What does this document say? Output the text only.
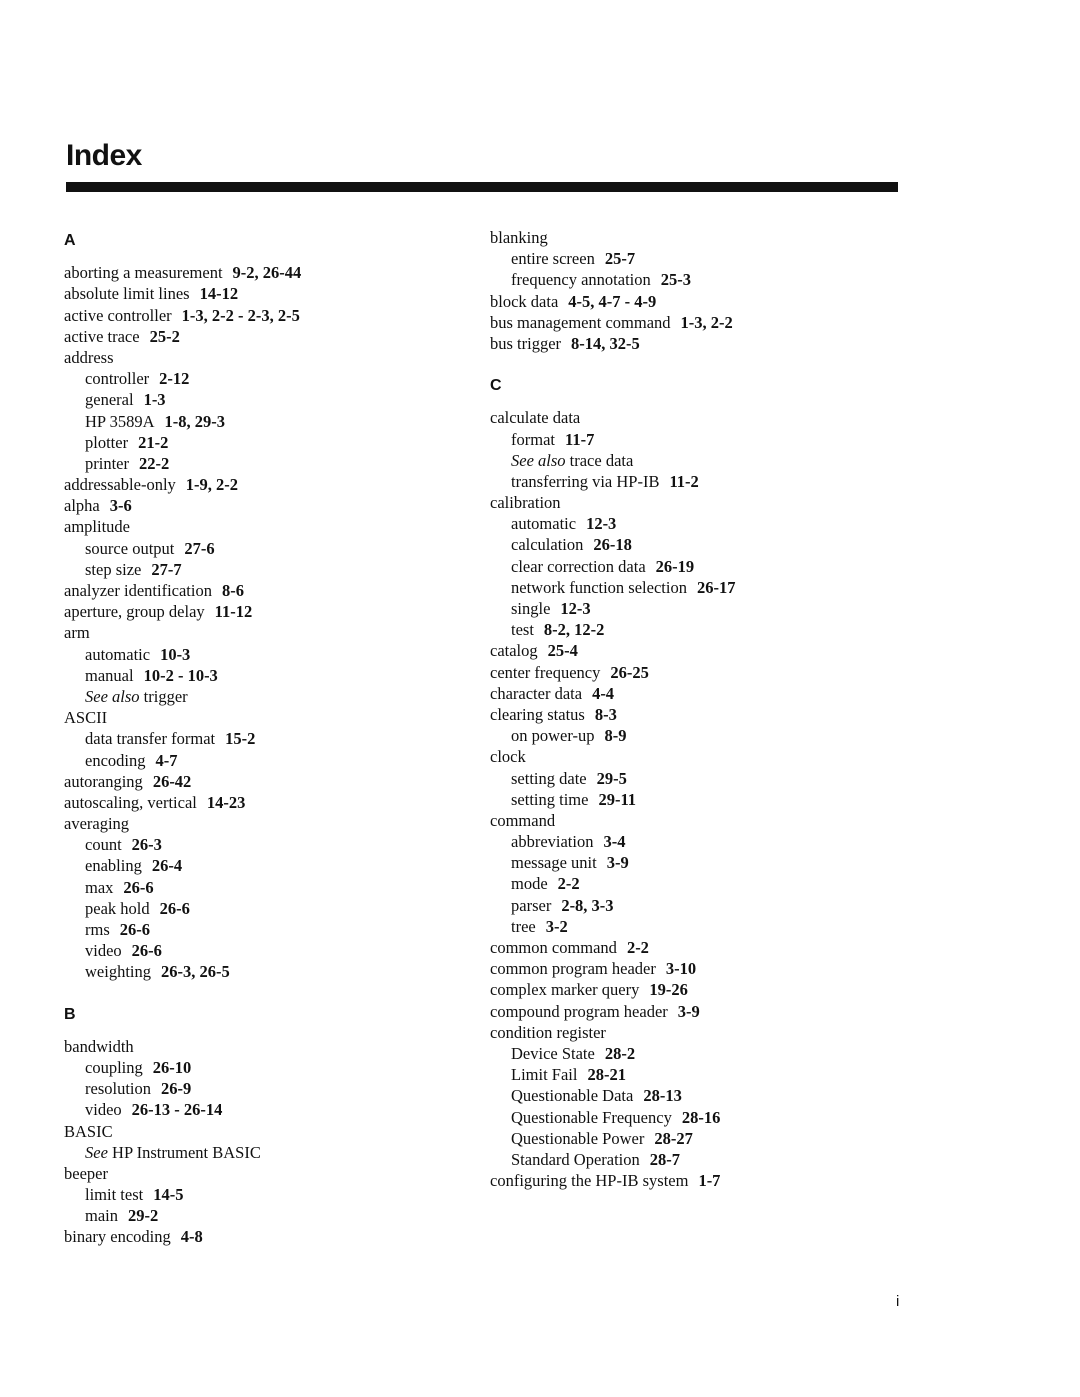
Index
A
aborting a measurement 9-2, 26-44
absolute limit lines 14-12
active controller 1-3, 2-2 - 2-3, 2-5
active trace 25-2
address
controller 2-12
general 1-3
HP 3589A 1-8, 29-3
plotter 21-2
printer 22-2
addressable-only 1-9, 2-2
alpha 3-6
amplitude
source output 27-6
step size 27-7
analyzer identification 8-6
aperture, group delay 11-12
arm
automatic 10-3
manual 10-2 - 10-3
See also trigger
ASCII
data transfer format 15-2
encoding 4-7
autoranging 26-42
autoscaling, vertical 14-23
averaging
count 26-3
enabling 26-4
max 26-6
peak hold 26-6
rms 26-6
video 26-6
weighting 26-3, 26-5
B
bandwidth
coupling 26-10
resolution 26-9
video 26-13 - 26-14
BASIC
See HP Instrument BASIC
beeper
limit test 14-5
main 29-2
binary encoding 4-8
blanking
entire screen 25-7
frequency annotation 25-3
block data 4-5, 4-7 - 4-9
bus management command 1-3, 2-2
bus trigger 8-14, 32-5
C
calculate data
format 11-7
See also trace data
transferring via HP-IB 11-2
calibration
automatic 12-3
calculation 26-18
clear correction data 26-19
network function selection 26-17
single 12-3
test 8-2, 12-2
catalog 25-4
center frequency 26-25
character data 4-4
clearing status 8-3
on power-up 8-9
clock
setting date 29-5
setting time 29-11
command
abbreviation 3-4
message unit 3-9
mode 2-2
parser 2-8, 3-3
tree 3-2
common command 2-2
common program header 3-10
complex marker query 19-26
compound program header 3-9
condition register
Device State 28-2
Limit Fail 28-21
Questionable Data 28-13
Questionable Frequency 28-16
Questionable Power 28-27
Standard Operation 28-7
configuring the HP-IB system 1-7
i
